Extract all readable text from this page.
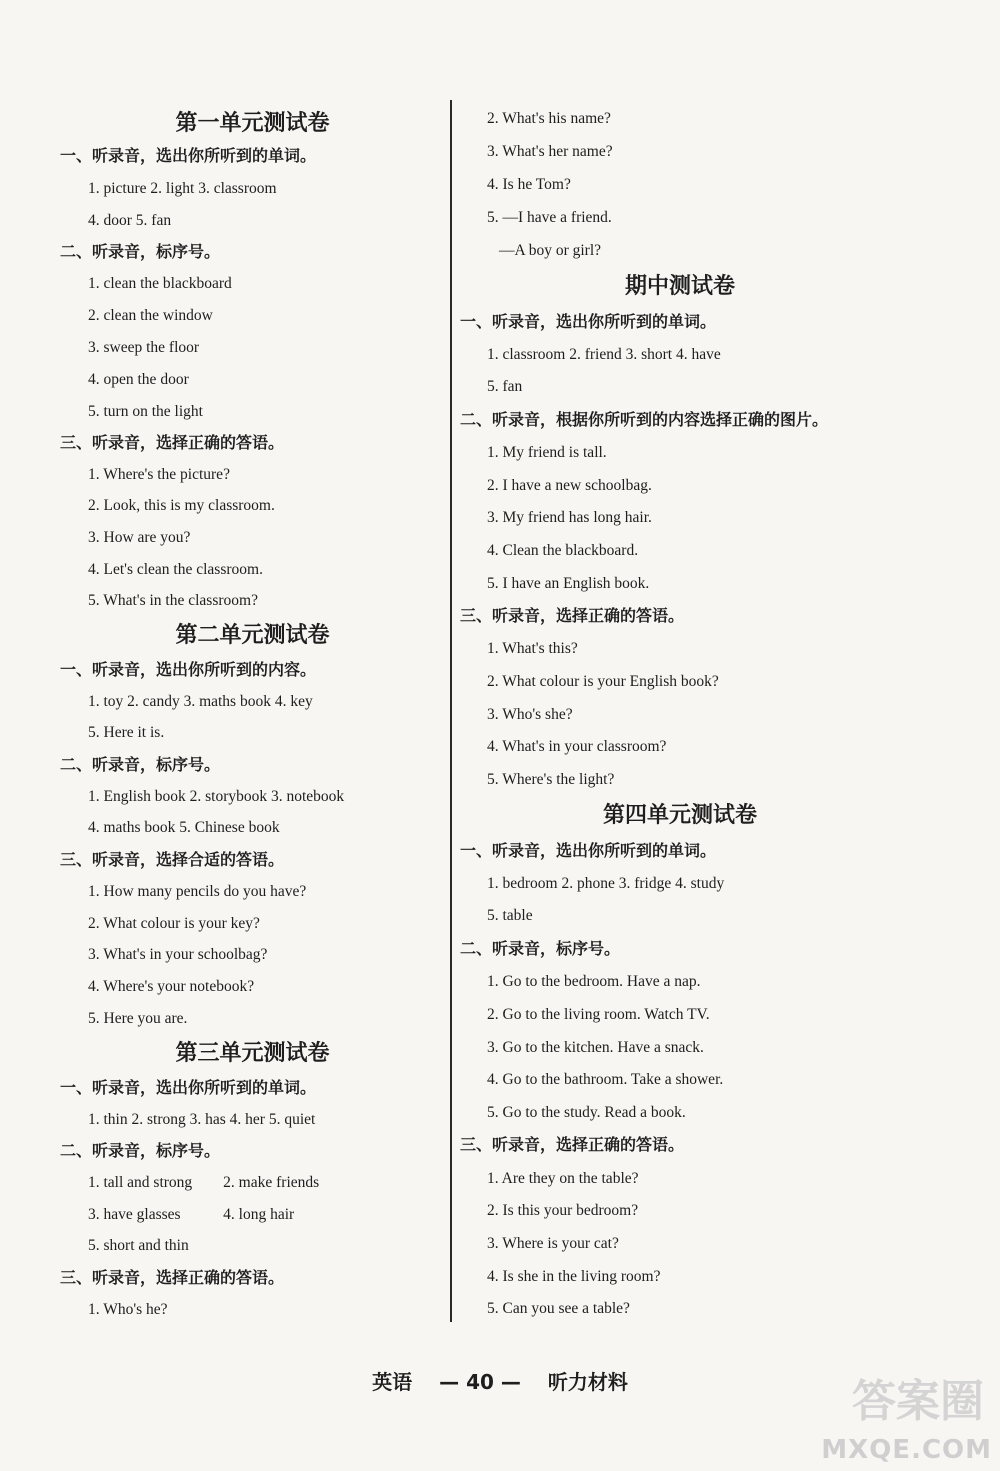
第一单元测试卷
一、听录音，选出你所听到的单词。
1. picture 2. light 3. classroom
4. door 5. fan
二、听录音，标序号。
1. clean the blackboard
2. clean the window
3. sweep the floor
4. open the door
5. turn on the light
三、听录音，选择正确的答语。
1. Where's the picture?
2. Look, this is my classroom.
3. How are you?
4. Let's clean the classroom.
5. What's in the classroom?
第二单元测试卷
一、听录音，选出你所听到的内容。
1. toy 2. candy 3. maths book 4. key
5. Here it is.
二、听录音，标序号。
1. English book 2. storybook 3. notebook
4. maths book 5. Chinese book
三、听录音，选择合适的答语。
1. How many pencils do you have?
2. What colour is your key?
3. What's in your schoolbag?
4. Where's your notebook?
5. Here you are.
第三单元测试卷
一、听录音，选出你所听到的单词。
1. thin 2. strong 3. has 4. her 5. quiet
二、听录音，标序号。
1. tall and strong        2. make friends
3. have glasses           4. long hair
5. short and thin
三、听录音，选择正确的答语。
1. Who's he?
2. What's his name?
3. What's her name?
4. Is he Tom?
5. —I have a friend.
—A boy or girl?
期中测试卷
一、听录音，选出你所听到的单词。
1. classroom 2. friend 3. short 4. have
5. fan
二、听录音，根据你所听到的内容选择正确的图片。
1. My friend is tall.
2. I have a new schoolbag.
3. My friend has long hair.
4. Clean the blackboard.
5. I have an English book.
三、听录音，选择正确的答语。
1. What's this?
2. What colour is your English book?
3. Who's she?
4. What's in your classroom?
5. Where's the light?
第四单元测试卷
一、听录音，选出你所听到的单词。
1. bedroom 2. phone 3. fridge 4. study
5. table
二、听录音，标序号。
1. Go to the bedroom. Have a nap.
2. Go to the living room. Watch TV.
3. Go to the kitchen. Have a snack.
4. Go to the bathroom. Take a shower.
5. Go to the study. Read a book.
三、听录音，选择正确的答语。
1. Are they on the table?
2. Is this your bedroom?
3. Where is your cat?
4. Is she in the living room?
5. Can you see a table?
英语 — 40 — 听力材料	答案圈
MXQE.COM
